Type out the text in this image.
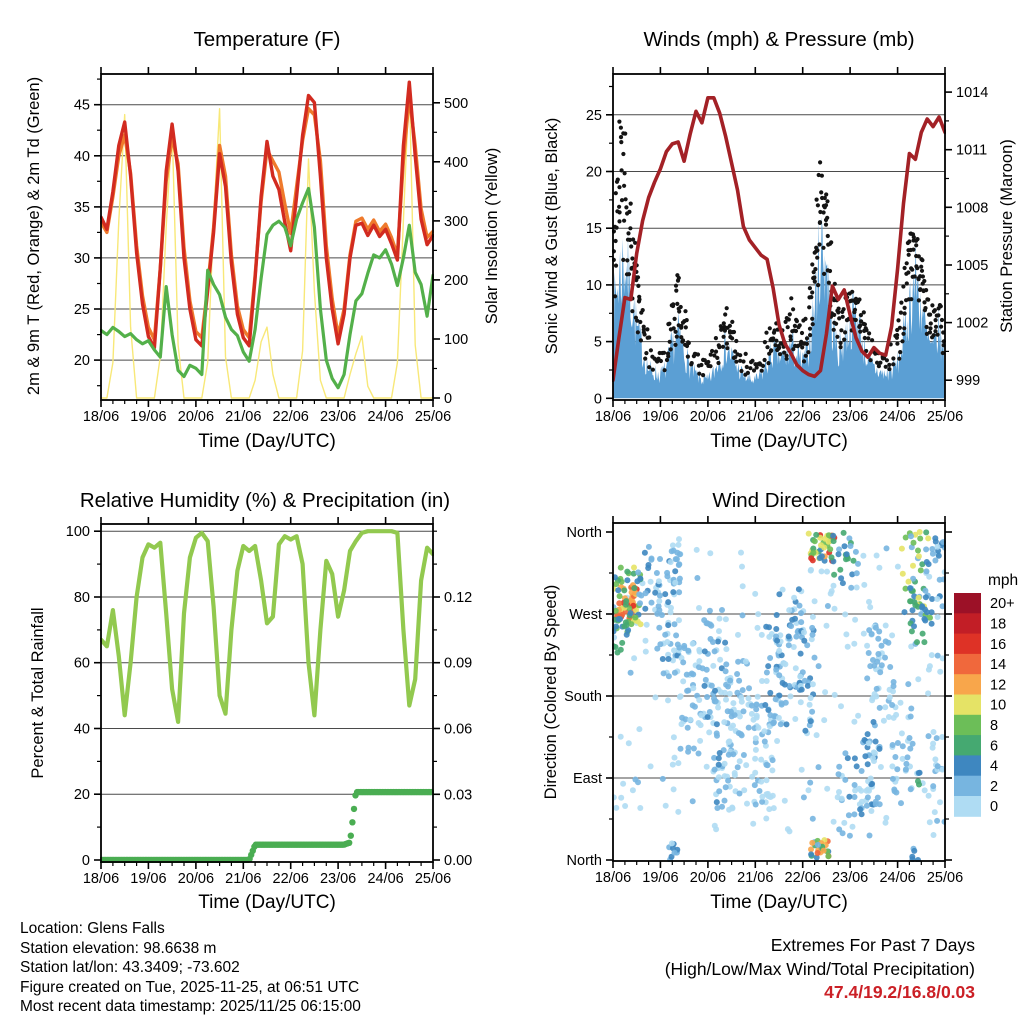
18/06 19/06 20/06 21/06 22/06 23/06 24/06 25/06
20
25
30
35
40
45
0
100
200
300
400
500
18/06 19/06 20/06 21/06 22/06 23/06 24/06 25/06
0
5
10
15
20
25
999
1002
1005
1008
1011
1014
18/06 19/06 20/06 21/06 22/06 23/06 24/06 25/06
0
20
40
60
80
100
0.00
0.03
0.06
0.09
0.12
18/06 19/06 20/06 21/06 22/06 23/06 24/06 25/06
North
West
South
East
North
20+
18
16
14
12
10
8
6
4
2
0
Temperature (F)	Winds (mph) & Pressure (mb)
Relative Humidity (%) & Precipitation (in)	Wind Direction
Time (Day/UTC)	Time (Day/UTC)
Time (Day/UTC)	Time (Day/UTC)
2m & 9m T (Red, Orange) & 2m Td (Green)	Solar Insolation (Yellow)	Sonic Wind & Gust (Blue, Black)	Station Pressure (Maroon)
Percent & Total Rainfall	Direction (Colored By Speed)
mph
Location: Glens Falls
Station elevation: 98.6638 m
Station lat/lon: 43.3409; -73.602
Figure created on Tue, 2025-11-25, at 06:51 UTC
Most recent data timestamp: 2025/11/25 06:15:00
Extremes For Past 7 Days
(High/Low/Max Wind/Total Precipitation)
47.4/19.2/16.8/0.03
